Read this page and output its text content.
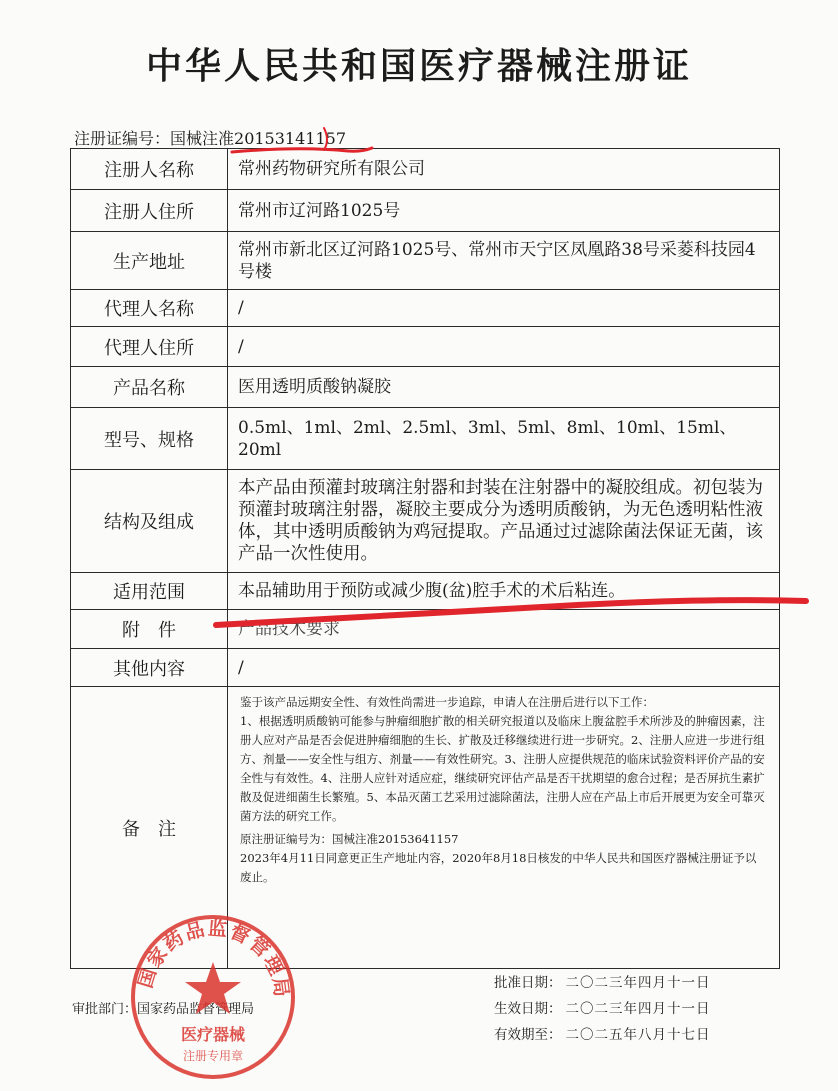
中华人民共和国医疗器械注册证
注册证编号：国械注准20153141157
注册人名称	常州药物研究所有限公司
注册人住所	常州市辽河路1025号
生产地址	常州市新北区辽河路1025号、常州市天宁区凤凰路38号采菱科技园4号楼
代理人名称	/
代理人住所	/
产品名称	医用透明质酸钠凝胶
型号、规格	0.5ml、1ml、2ml、2.5ml、3ml、5ml、8ml、10ml、15ml、20ml
结构及组成	本产品由预灌封玻璃注射器和封装在注射器中的凝胶组成。初包装为预灌封玻璃注射器，凝胶主要成分为透明质酸钠，为无色透明粘性液体，其中透明质酸钠为鸡冠提取。产品通过过滤除菌法保证无菌，该产品一次性使用。
适用范围	本品辅助用于预防或减少腹(盆)腔手术的术后粘连。
附　件	产品技术要求
其他内容	/
备　注	鉴于该产品远期安全性、有效性尚需进一步追踪，申请人在注册后进行以下工作：

1、根据透明质酸钠可能参与肿瘤细胞扩散的相关研究报道以及临床上腹盆腔手术所涉及的肿瘤因素，注册人应对产品是否会促进肿瘤细胞的生长、扩散及迁移继续进行进一步研究。2、注册人应进一步进行组方、剂量——安全性与组方、剂量——有效性研究。3、注册人应提供规范的临床试验资料评价产品的安全性与有效性。4、注册人应针对适应症，继续研究评估产品是否干扰期望的愈合过程；是否屏抗生素扩散及促进细菌生长繁殖。5、本品灭菌工艺采用过滤除菌法，注册人应在产品上市后开展更为安全可靠灭菌方法的研究工作。

原注册证编号为：国械注准20153641157

2023年4月11日同意更正生产地址内容，2020年8月18日核发的中华人民共和国医疗器械注册证予以废止。

审批部门：国家药品监督管理局
批准日期： 二〇二三年四月十一日
生效日期： 二〇二三年四月十一日
有效期至： 二〇二五年八月十七日
国家药品监督管理局
医疗器械
注册专用章
